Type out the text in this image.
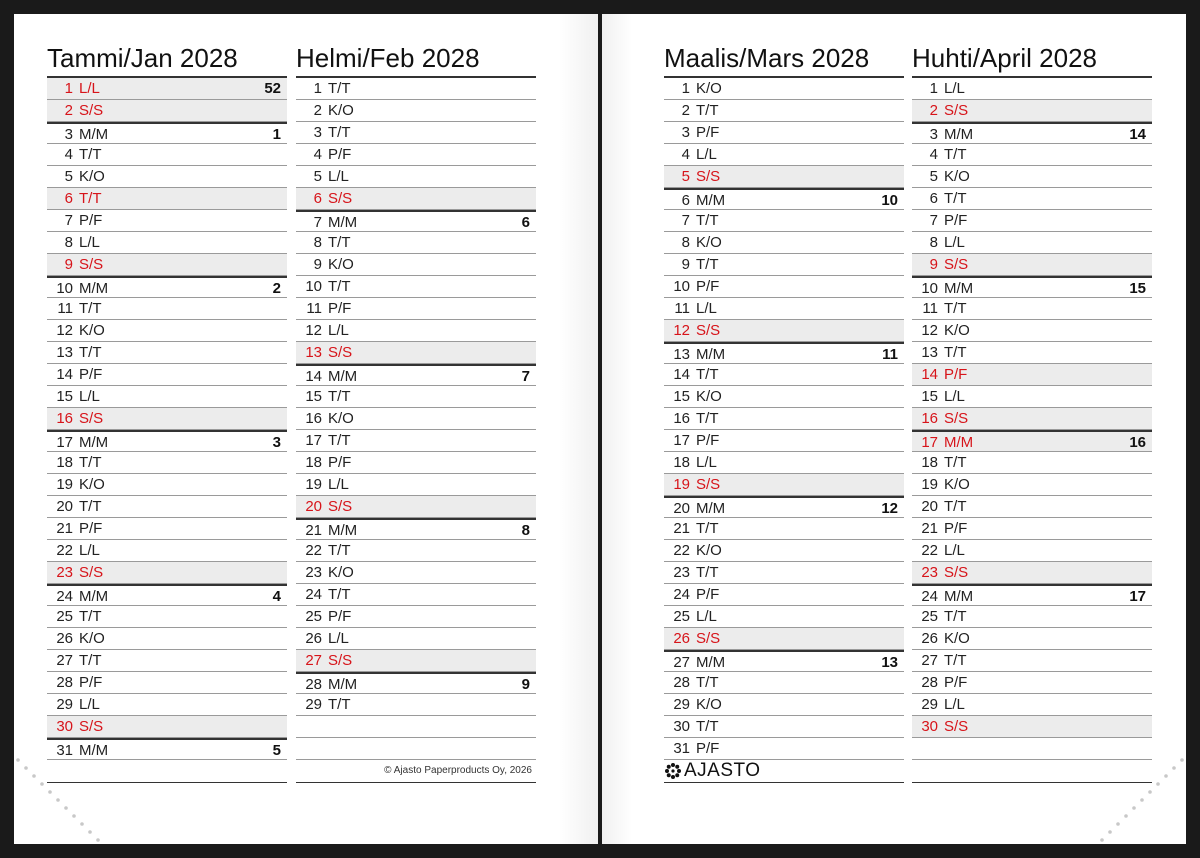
Tammi/Jan 2028
1 L/L	52
2 S/S
3 M/M	1
4 T/T
5 K/O
6 T/T
7 P/F
8 L/L
9 S/S
10 M/M	2
11 T/T
12 K/O
13 T/T
14 P/F
15 L/L
16 S/S
17 M/M	3
18 T/T
19 K/O
20 T/T
21 P/F
22 L/L
23 S/S
24 M/M	4
25 T/T
26 K/O
27 T/T
28 P/F
29 L/L
30 S/S
31 M/M	5
Helmi/Feb 2028
1 T/T
2 K/O
3 T/T
4 P/F
5 L/L
6 S/S
7 M/M	6
8 T/T
9 K/O
10 T/T
11 P/F
12 L/L
13 S/S
14 M/M	7
15 T/T
16 K/O
17 T/T
18 P/F
19 L/L
20 S/S
21 M/M	8
22 T/T
23 K/O
24 T/T
25 P/F
26 L/L
27 S/S
28 M/M	9
29 T/T
© Ajasto Paperproducts Oy, 2026
Maalis/Mars 2028
1 K/O
2 T/T
3 P/F
4 L/L
5 S/S
6 M/M	10
7 T/T
8 K/O
9 T/T
10 P/F
11 L/L
12 S/S
13 M/M	11
14 T/T
15 K/O
16 T/T
17 P/F
18 L/L
19 S/S
20 M/M	12
21 T/T
22 K/O
23 T/T
24 P/F
25 L/L
26 S/S
27 M/M	13
28 T/T
29 K/O
30 T/T
31 P/F
AJASTO
Huhti/April 2028
1 L/L
2 S/S
3 M/M	14
4 T/T
5 K/O
6 T/T
7 P/F
8 L/L
9 S/S
10 M/M	15
11 T/T
12 K/O
13 T/T
14 P/F
15 L/L
16 S/S
17 M/M	16
18 T/T
19 K/O
20 T/T
21 P/F
22 L/L
23 S/S
24 M/M	17
25 T/T
26 K/O
27 T/T
28 P/F
29 L/L
30 S/S
